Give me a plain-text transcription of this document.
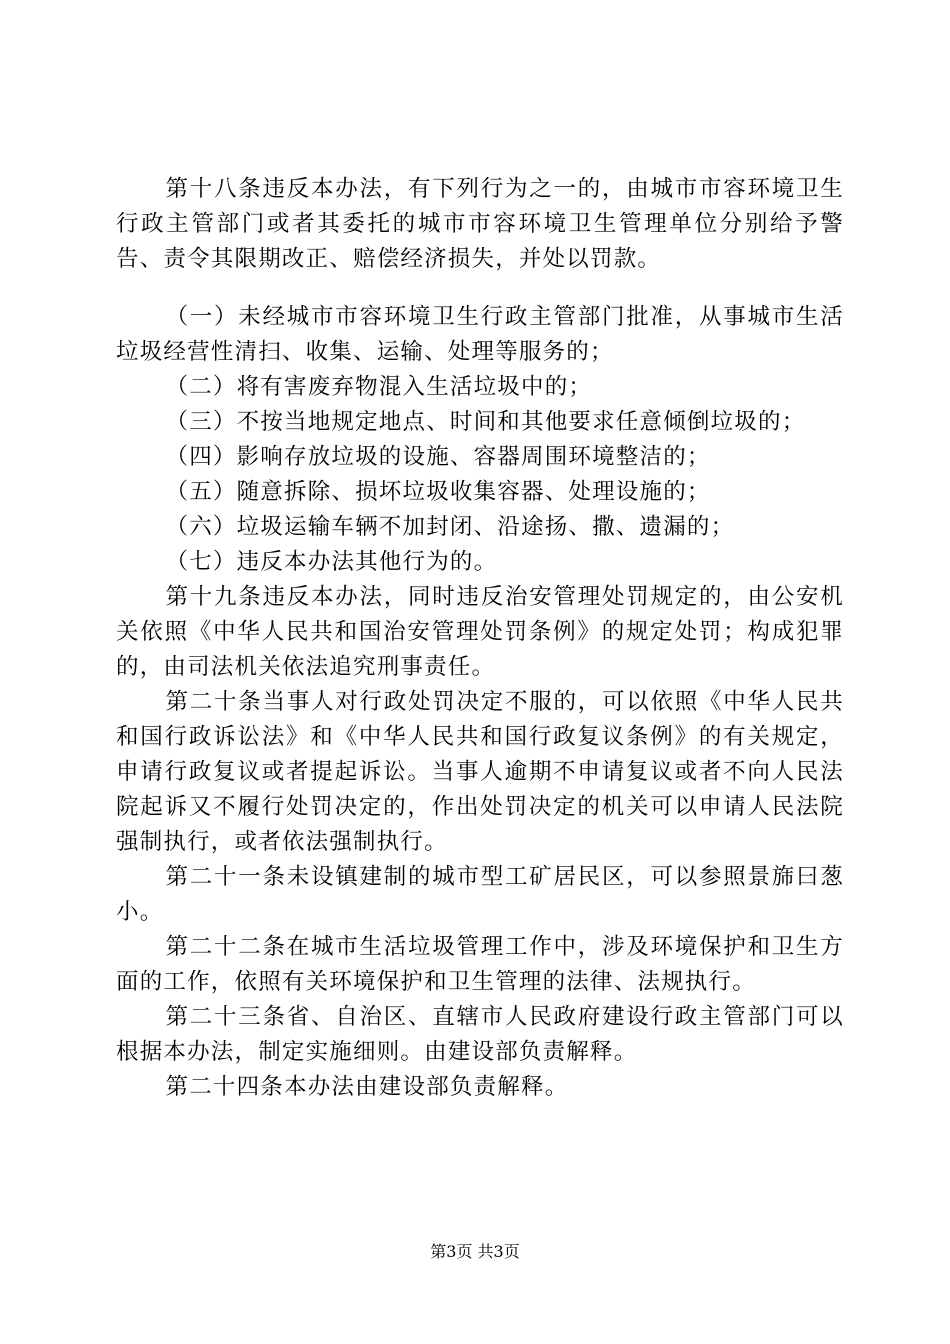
第十八条违反本办法，有下列行为之一的，由城市市容环境卫生行政主管部门或者其委托的城市市容环境卫生管理单位分别给予警告、责令其限期改正、赔偿经济损失，并处以罚款。

（一）未经城市市容环境卫生行政主管部门批准，从事城市生活垃圾经营性清扫、收集、运输、处理等服务的；

（二）将有害废弃物混入生活垃圾中的；

（三）不按当地规定地点、时间和其他要求任意倾倒垃圾的；

（四）影响存放垃圾的设施、容器周围环境整洁的；

（五）随意拆除、损坏垃圾收集容器、处理设施的；

（六）垃圾运输车辆不加封闭、沿途扬、撒、遗漏的；

（七）违反本办法其他行为的。

第十九条违反本办法，同时违反治安管理处罚规定的，由公安机关依照《中华人民共和国治安管理处罚条例》的规定处罚；构成犯罪的，由司法机关依法追究刑事责任。

第二十条当事人对行政处罚决定不服的，可以依照《中华人民共和国行政诉讼法》和《中华人民共和国行政复议条例》的有关规定，申请行政复议或者提起诉讼。当事人逾期不申请复议或者不向人民法院起诉又不履行处罚决定的，作出处罚决定的机关可以申请人民法院强制执行，或者依法强制执行。

第二十一条未设镇建制的城市型工矿居民区，可以参照景旆曰葱小。

第二十二条在城市生活垃圾管理工作中，涉及环境保护和卫生方面的工作，依照有关环境保护和卫生管理的法律、法规执行。

第二十三条省、自治区、直辖市人民政府建设行政主管部门可以根据本办法，制定实施细则。由建设部负责解释。

第二十四条本办法由建设部负责解释。

第3页 共3页
